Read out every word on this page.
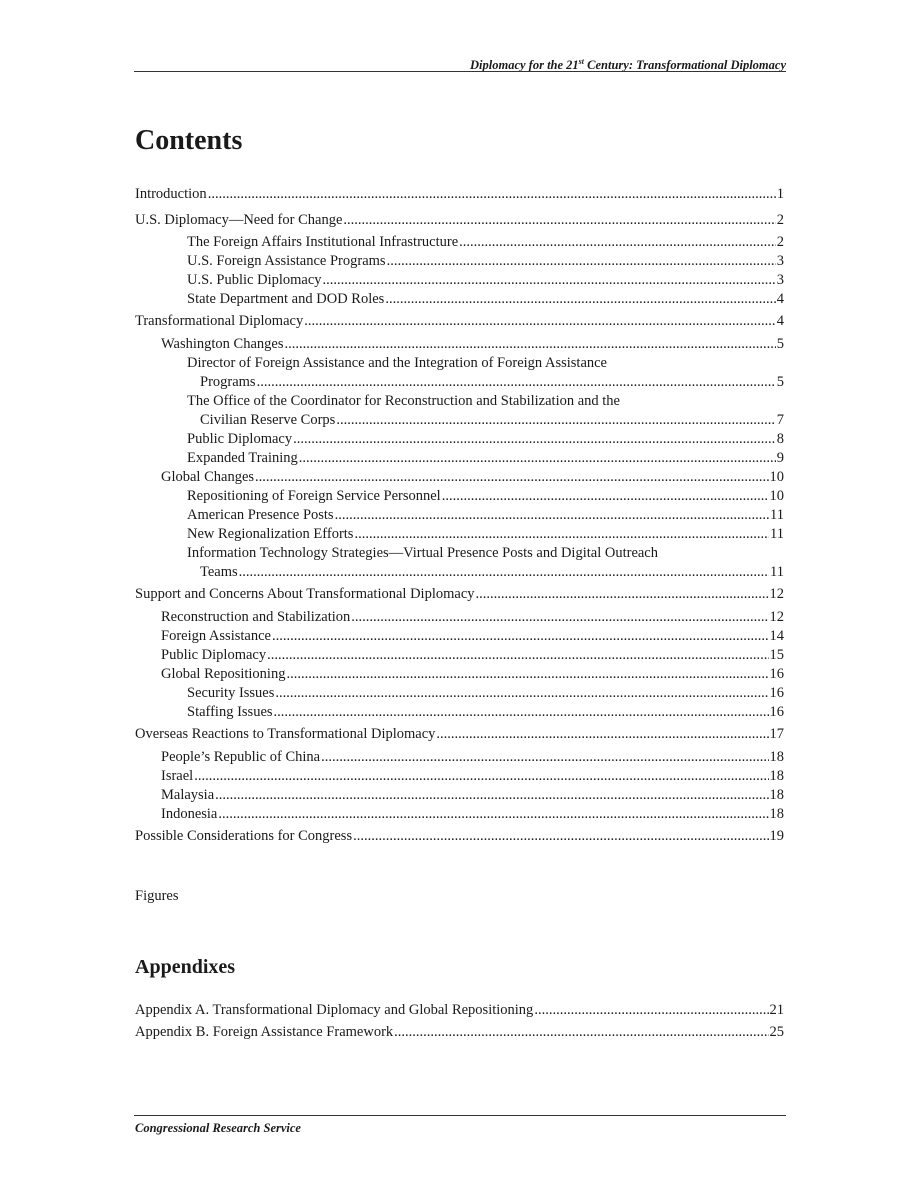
Diplomacy for the 21st Century: Transformational Diplomacy
Contents
Introduction .....	1
U.S. Diplomacy—Need for Change .....	2
The Foreign Affairs Institutional Infrastructure .....	2
U.S. Foreign Assistance Programs .....	3
U.S. Public Diplomacy .....	3
State Department and DOD Roles .....	4
Transformational Diplomacy .....	4
Washington Changes .....	5
Director of Foreign Assistance and the Integration of Foreign Assistance
Programs .....	5
The Office of the Coordinator for Reconstruction and Stabilization and the
Civilian Reserve Corps .....	7
Public Diplomacy .....	8
Expanded Training .....	9
Global Changes .....	10
Repositioning of Foreign Service Personnel .....	10
American Presence Posts .....	11
New Regionalization Efforts .....	11
Information Technology Strategies—Virtual Presence Posts and Digital Outreach
Teams .....	11
Support and Concerns About Transformational Diplomacy .....	12
Reconstruction and Stabilization .....	12
Foreign Assistance .....	14
Public Diplomacy .....	15
Global Repositioning .....	16
Security Issues .....	16
Staffing Issues .....	16
Overseas Reactions to Transformational Diplomacy .....	17
People’s Republic of China .....	18
Israel .....	18
Malaysia .....	18
Indonesia .....	18
Possible Considerations for Congress .....	19
Appendix A. Transformational Diplomacy and Global Repositioning .....	21
Appendix B. Foreign Assistance Framework .....	25
Figures
Appendixes
Congressional Research Service
